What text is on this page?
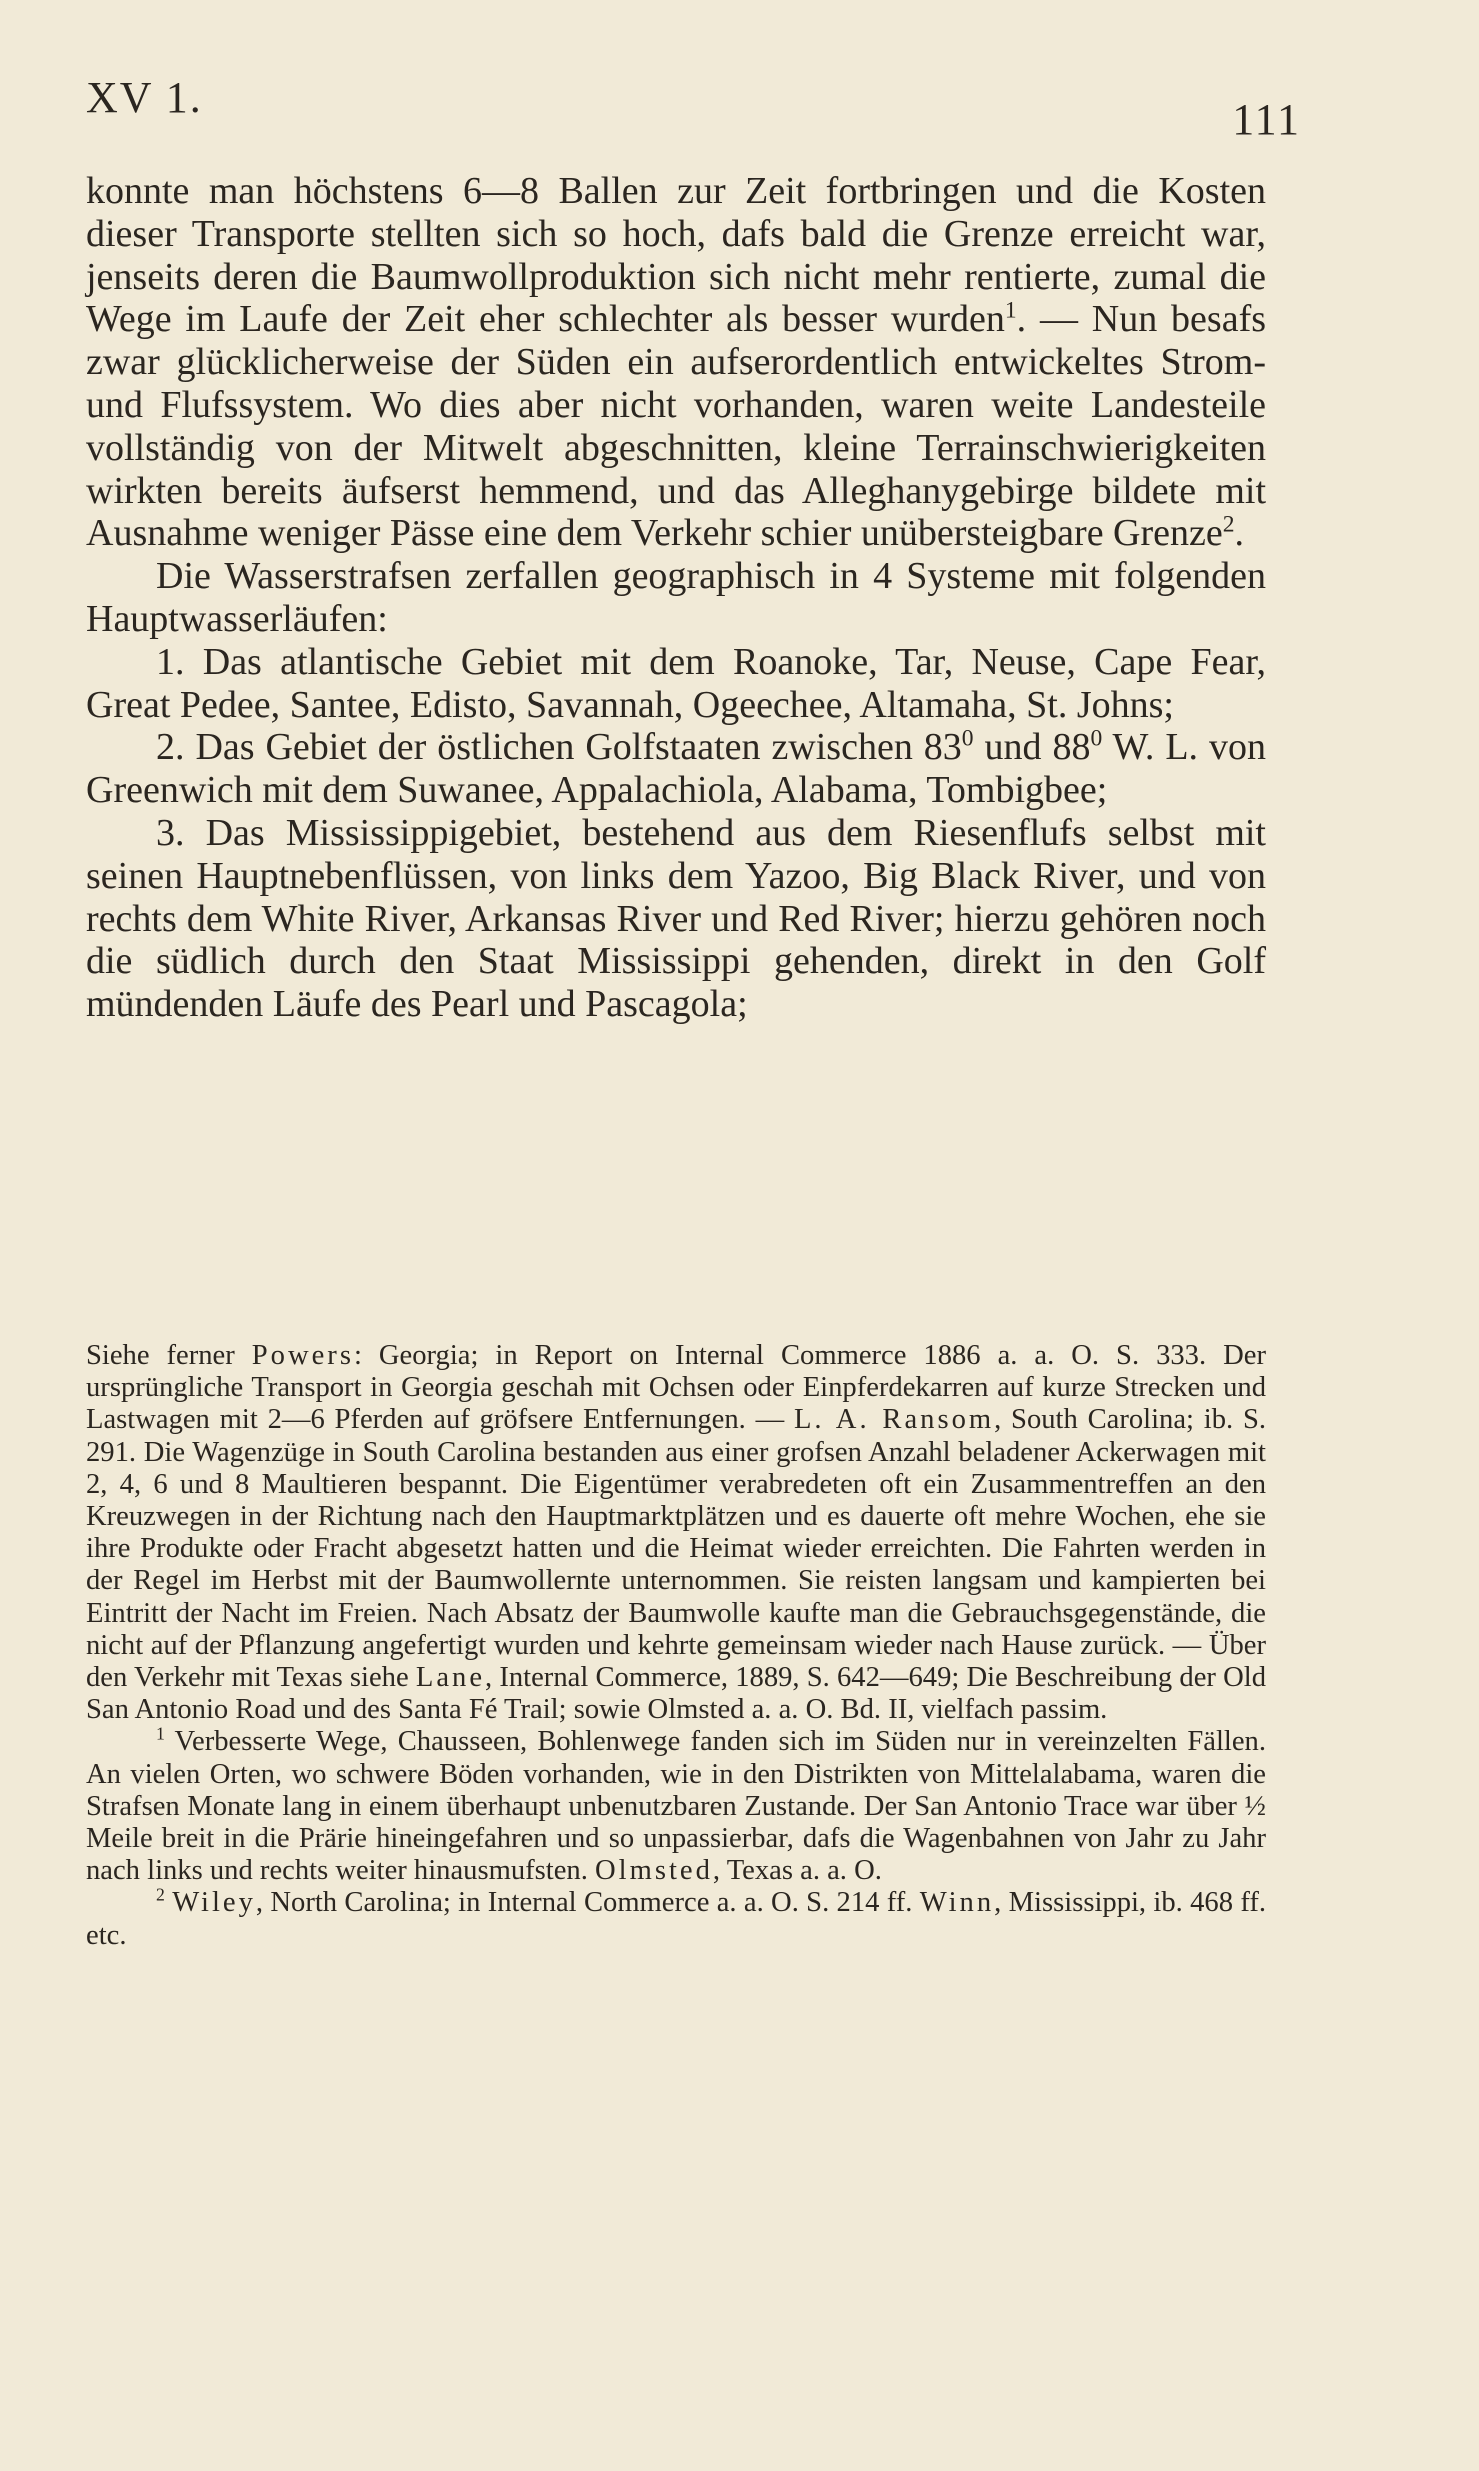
XV 1.	111

konnte man höchstens 6—8 Ballen zur Zeit fortbringen und die Kosten dieser Transporte stellten sich so hoch, dafs bald die Grenze erreicht war, jenseits deren die Baumwollproduktion sich nicht mehr rentierte, zumal die Wege im Laufe der Zeit eher schlechter als besser wurden$^1$. — Nun besafs zwar glücklicherweise der Süden ein aufserordentlich entwickeltes Strom- und Flufssystem. Wo dies aber nicht vorhanden, waren weite Landesteile vollständig von der Mitwelt abgeschnitten, kleine Terrainschwierigkeiten wirkten bereits äufserst hemmend, und das Alleghanygebirge bildete mit Ausnahme weniger Pässe eine dem Verkehr schier unübersteigbare Grenze$^2$.

Die Wasserstrafsen zerfallen geographisch in 4 Systeme mit folgenden Hauptwasserläufen:

1. Das atlantische Gebiet mit dem Roanoke, Tar, Neuse, Cape Fear, Great Pedee, Santee, Edisto, Savannah, Ogeechee, Altamaha, St. Johns;

2. Das Gebiet der östlichen Golfstaaten zwischen $83^0$ und $88^0$ W. L. von Greenwich mit dem Suwanee, Appalachiola, Alabama, Tombigbee;

3. Das Mississippigebiet, bestehend aus dem Riesenflufs selbst mit seinen Hauptnebenflüssen, von links dem Yazoo, Big Black River, und von rechts dem White River, Arkansas River und Red River; hierzu gehören noch die südlich durch den Staat Mississippi gehenden, direkt in den Golf mündenden Läufe des Pearl und Pascagola;

Siehe ferner Powers: Georgia; in Report on Internal Commerce 1886 a. a. O. S. 333. Der ursprüngliche Transport in Georgia geschah mit Ochsen oder Einpferdekarren auf kurze Strecken und Lastwagen mit 2—6 Pferden auf gröfsere Entfernungen. — L. A. Ransom, South Carolina; ib. S. 291. Die Wagenzüge in South Carolina bestanden aus einer grofsen Anzahl beladener Ackerwagen mit 2, 4, 6 und 8 Maultieren bespannt. Die Eigentümer verabredeten oft ein Zusammentreffen an den Kreuzwegen in der Richtung nach den Hauptmarktplätzen und es dauerte oft mehre Wochen, ehe sie ihre Produkte oder Fracht abgesetzt hatten und die Heimat wieder erreichten. Die Fahrten werden in der Regel im Herbst mit der Baumwollernte unternommen. Sie reisten langsam und kampierten bei Eintritt der Nacht im Freien. Nach Absatz der Baumwolle kaufte man die Gebrauchsgegenstände, die nicht auf der Pflanzung angefertigt wurden und kehrte gemeinsam wieder nach Hause zurück. — Über den Verkehr mit Texas siehe Lane, Internal Commerce, 1889, S. 642—649; Die Beschreibung der Old San Antonio Road und des Santa Fé Trail; sowie Olmsted a. a. O. Bd. II, vielfach passim.

$^1$ Verbesserte Wege, Chausseen, Bohlenwege fanden sich im Süden nur in vereinzelten Fällen. An vielen Orten, wo schwere Böden vorhanden, wie in den Distrikten von Mittelalabama, waren die Strafsen Monate lang in einem überhaupt unbenutzbaren Zustande. Der San Antonio Trace war über ½ Meile breit in die Prärie hineingefahren und so unpassierbar, dafs die Wagenbahnen von Jahr zu Jahr nach links und rechts weiter hinausmufsten. Olmsted, Texas a. a. O.

$^2$ Wiley, North Carolina; in Internal Commerce a. a. O. S. 214 ff. Winn, Mississippi, ib. 468 ff. etc.
